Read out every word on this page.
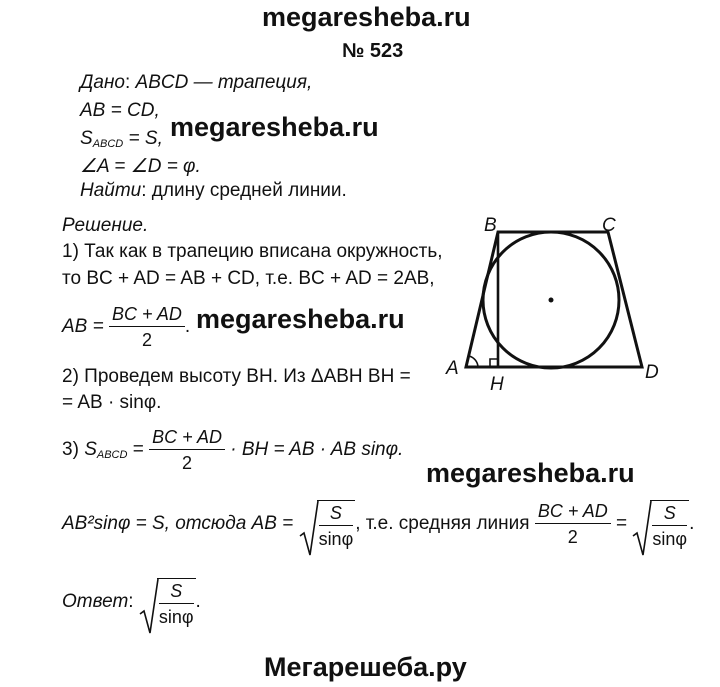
megaresheba.ru
№ 523
Дано: ABCD — трапеция,
AB = CD,
$S_{ABCD} = S$, megaresheba.ru
∠A = ∠D = φ.
Найти: длину средней линии.
Решение.
1) Так как в трапецию вписана окружность,
то BC + AD = AB + CD, т.е. BC + AD = 2AB,
AB = $\frac{BC + AD}{2}$ . megaresheba.ru
2) Проведем высоту BH. Из ΔABH BH =
= AB · sinφ.
3) $S_{ABCD} = \frac{BC + AD}{2}$ · BH = AB · AB sinφ.
megaresheba.ru
AB²sinφ = S, отсюда AB = $\frac{S}{\sin\varphi}$ , т.е. средняя линия $\frac{BC + AD}{2} = \frac{S}{\sin\varphi}$ .
Ответ: $\frac{S}{\sin\varphi}$ .
Мегарешеба.ру
B	C
A	D
H
